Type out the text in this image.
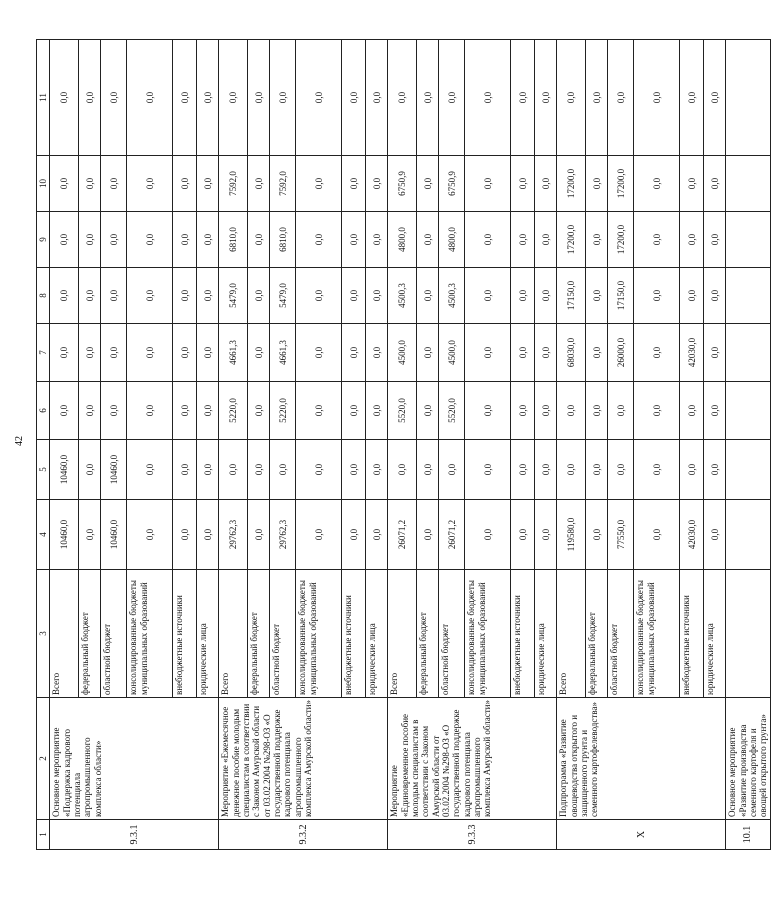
42
1	2	3	4	5	6	7	8	9	10	11
9.3.1	Основное мероприятие «Поддержка кадрового потенциала агропромышленного комплекса области»	Всего	10460,0	10460,0	0,0	0,0	0,0	0,0	0,0	0,0
		федеральный бюджет	0,0	0,0	0,0	0,0	0,0	0,0	0,0	0,0
		областной бюджет	10460,0	10460,0	0,0	0,0	0,0	0,0	0,0	0,0
		консолидированные бюджеты муниципальных образований	0,0	0,0	0,0	0,0	0,0	0,0	0,0	0,0
		внебюджетные источники	0,0	0,0	0,0	0,0	0,0	0,0	0,0	0,0
		юридические лица	0,0	0,0	0,0	0,0	0,0	0,0	0,0	0,0
9.3.2	Мероприятие «Ежемесячное денежное пособие молодым специалистам в соответствии с Законом Амурской области от 03.02.2004 №298-ОЗ «О государственной поддержке кадрового потенциала агропромышленного комплекса Амурской области»	Всего	29762,3	0,0	5220,0	4661,3	5479,0	6810,0	7592,0	0,0
		федеральный бюджет	0,0	0,0	0,0	0,0	0,0	0,0	0,0	0,0
		областной бюджет	29762,3	0,0	5220,0	4661,3	5479,0	6810,0	7592,0	0,0
		консолидированные бюджеты муниципальных образований	0,0	0,0	0,0	0,0	0,0	0,0	0,0	0,0
		внебюджетные источники	0,0	0,0	0,0	0,0	0,0	0,0	0,0	0,0
		юридические лица	0,0	0,0	0,0	0,0	0,0	0,0	0,0	0,0
9.3.3	Мероприятие «Единовременное пособие молодым специалистам в соответствии с Законом Амурской области от 03.02.2004 №298-ОЗ «О государственной поддержке кадрового потенциала агропромышленного комплекса Амурской области»	Всего	26071,2	0,0	5520,0	4500,0	4500,3	4800,0	6750,9	0,0
		федеральный бюджет	0,0	0,0	0,0	0,0	0,0	0,0	0,0	0,0
		областной бюджет	26071,2	0,0	5520,0	4500,0	4500,3	4800,0	6750,9	0,0
		консолидированные бюджеты муниципальных образований	0,0	0,0	0,0	0,0	0,0	0,0	0,0	0,0
		внебюджетные источники	0,0	0,0	0,0	0,0	0,0	0,0	0,0	0,0
		юридические лица	0,0	0,0	0,0	0,0	0,0	0,0	0,0	0,0
X	Подпрограмма «Развитие овощеводства открытого и защищенного грунта и семенного картофелеводства»	Всего	119580,0	0,0	0,0	68030,0	17150,0	17200,0	17200,0	0,0
		федеральный бюджет	0,0	0,0	0,0	0,0	0,0	0,0	0,0	0,0
		областной бюджет	77550,0	0,0	0,0	26000,0	17150,0	17200,0	17200,0	0,0
		консолидированные бюджеты муниципальных образований	0,0	0,0	0,0	0,0	0,0	0,0	0,0	0,0
		внебюджетные источники	42030,0	0,0	0,0	42030,0	0,0	0,0	0,0	0,0
		юридические лица	0,0	0,0	0,0	0,0	0,0	0,0	0,0	0,0
10.1	Основное мероприятие «Развитие производства семенного картофеля и овощей открытого грунта»									
